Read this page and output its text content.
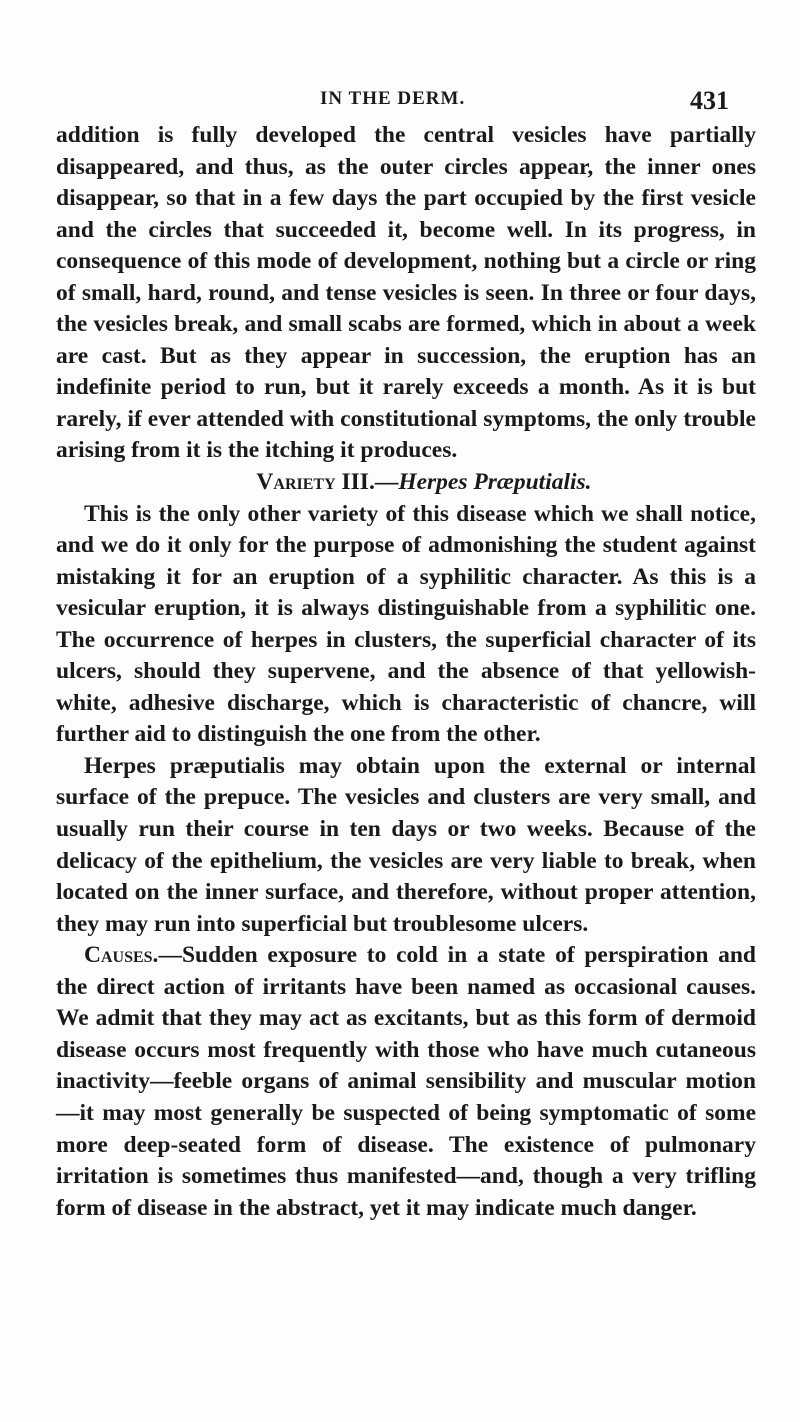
IN THE DERM.	431

addition is fully developed the central vesicles have partially disappeared, and thus, as the outer circles appear, the inner ones disappear, so that in a few days the part occupied by the first vesicle and the circles that succeeded it, become well. In its progress, in consequence of this mode of development, nothing but a circle or ring of small, hard, round, and tense vesicles is seen. In three or four days, the vesicles break, and small scabs are formed, which in about a week are cast. But as they appear in succession, the eruption has an indefinite period to run, but it rarely exceeds a month. As it is but rarely, if ever attended with constitutional symptoms, the only trouble arising from it is the itching it produces.

Variety III.—Herpes Præputialis.

This is the only other variety of this disease which we shall notice, and we do it only for the purpose of admonishing the student against mistaking it for an eruption of a syphilitic character. As this is a vesicular eruption, it is always distinguishable from a syphilitic one. The occurrence of herpes in clusters, the superficial character of its ulcers, should they supervene, and the absence of that yellowish-white, adhesive discharge, which is characteristic of chancre, will further aid to distinguish the one from the other.

Herpes præputialis may obtain upon the external or internal surface of the prepuce. The vesicles and clusters are very small, and usually run their course in ten days or two weeks. Because of the delicacy of the epithelium, the vesicles are very liable to break, when located on the inner surface, and therefore, without proper attention, they may run into superficial but troublesome ulcers.

Causes.—Sudden exposure to cold in a state of perspiration and the direct action of irritants have been named as occasional causes. We admit that they may act as excitants, but as this form of dermoid disease occurs most frequently with those who have much cutaneous inactivity—feeble organs of animal sensibility and muscular motion—it may most generally be suspected of being symptomatic of some more deep-seated form of disease. The existence of pulmonary irritation is sometimes thus manifested—and, though a very trifling form of disease in the abstract, yet it may indicate much danger.
